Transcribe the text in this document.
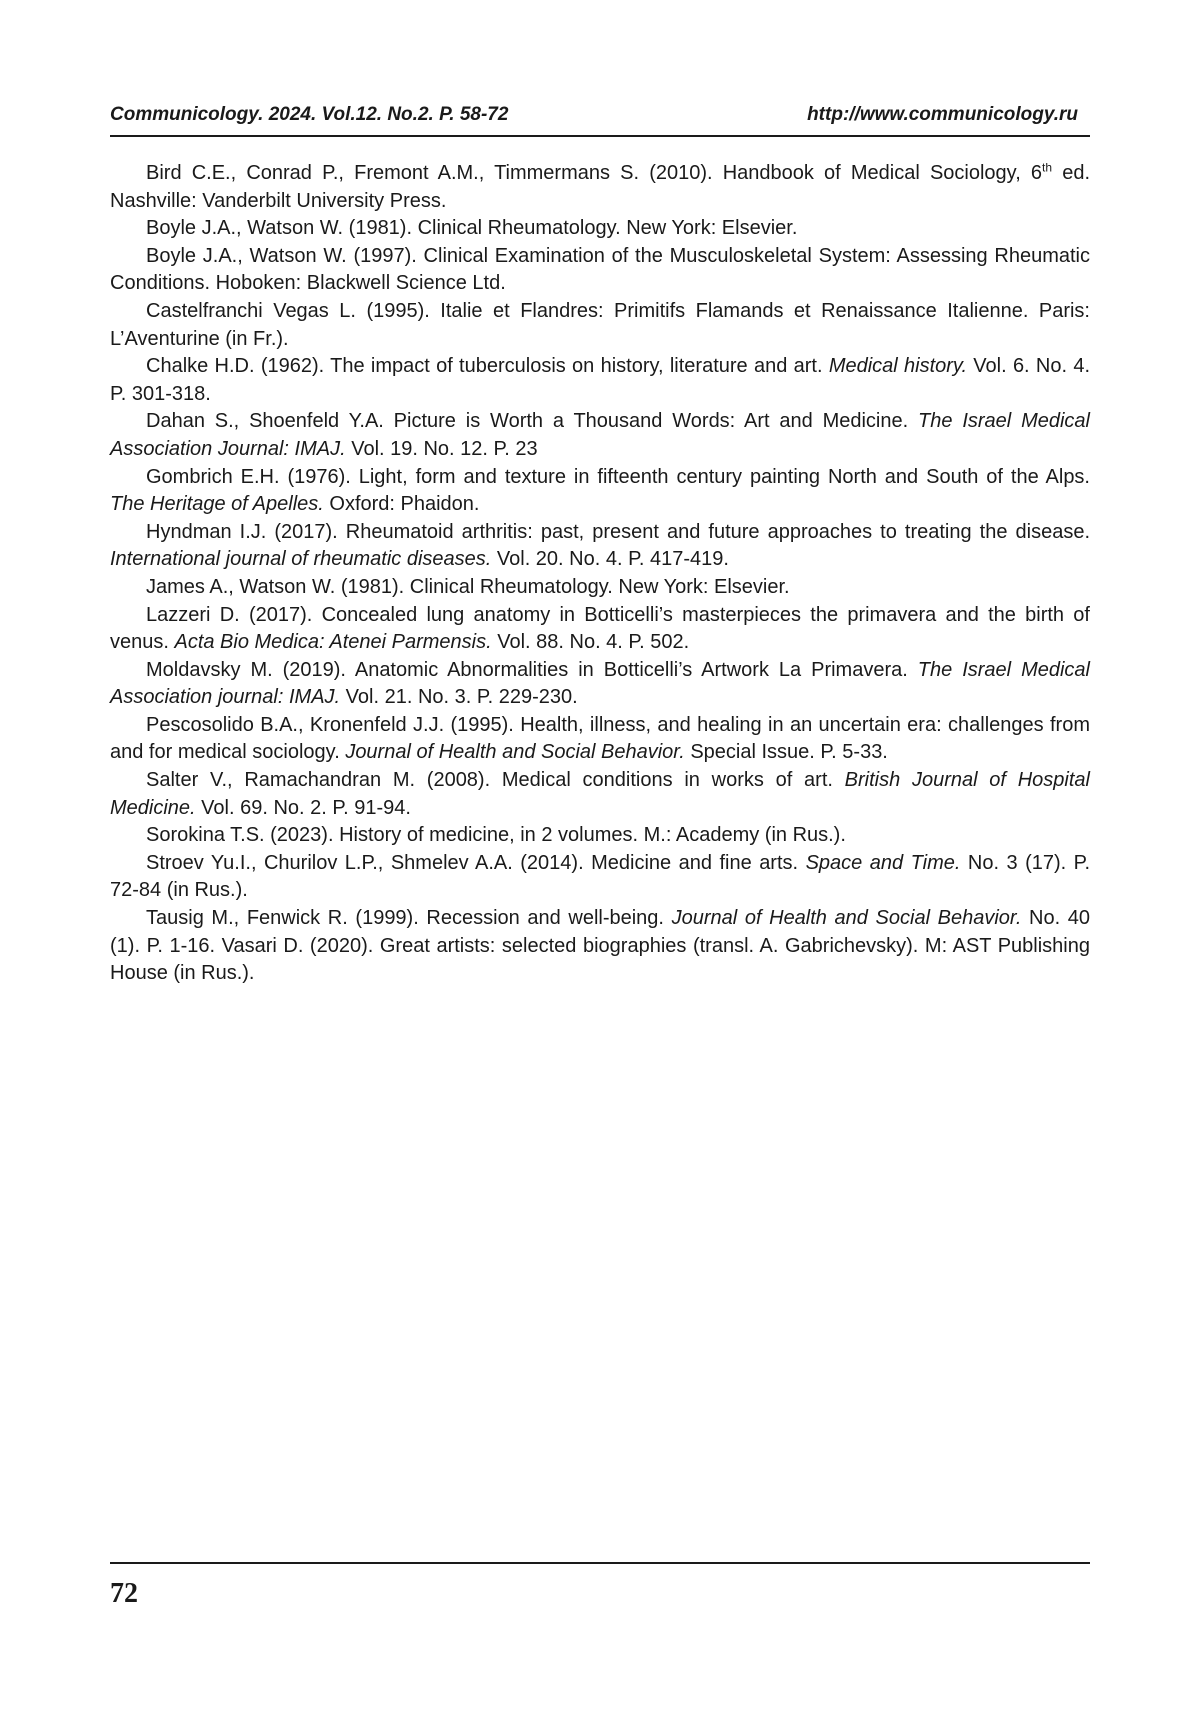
Communicology. 2024. Vol.12. No.2. P. 58-72	http://www.communicology.ru

Bird C.E., Conrad P., Fremont A.M., Timmermans S. (2010). Handbook of Medical Sociology, 6th ed. Nashville: Vanderbilt University Press.

Boyle J.A., Watson W. (1981). Clinical Rheumatology. New York: Elsevier.

Boyle J.A., Watson W. (1997). Clinical Examination of the Musculoskeletal System: Assessing Rheumatic Conditions. Hoboken: Blackwell Science Ltd.

Castelfranchi Vegas L. (1995). Italie et Flandres: Primitifs Flamands et Renaissance Italienne. Paris: L’Aventurine (in Fr.).

Chalke H.D. (1962). The impact of tuberculosis on history, literature and art. Medical history. Vol. 6. No. 4. P. 301-318.

Dahan S., Shoenfeld Y.A. Picture is Worth a Thousand Words: Art and Medicine. The Israel Medical Association Journal: IMAJ. Vol. 19. No. 12. P. 23

Gombrich E.H. (1976). Light, form and texture in fifteenth century painting North and South of the Alps. The Heritage of Apelles. Oxford: Phaidon.

Hyndman I.J. (2017). Rheumatoid arthritis: past, present and future approaches to treating the disease. International journal of rheumatic diseases. Vol. 20. No. 4. P. 417-419.

James A., Watson W. (1981). Clinical Rheumatology. New York: Elsevier.

Lazzeri D. (2017). Concealed lung anatomy in Botticelli’s masterpieces the primavera and the birth of venus. Acta Bio Medica: Atenei Parmensis. Vol. 88. No. 4. P. 502.

Moldavsky M. (2019). Anatomic Abnormalities in Botticelli’s Artwork La Primavera. The Israel Medical Association journal: IMAJ. Vol. 21. No. 3. P. 229-230.

Pescosolido B.A., Kronenfeld J.J. (1995). Health, illness, and healing in an uncertain era: challenges from and for medical sociology. Journal of Health and Social Behavior. Special Issue. P. 5-33.

Salter V., Ramachandran M. (2008). Medical conditions in works of art. British Journal of Hospital Medicine. Vol. 69. No. 2. P. 91-94.

Sorokina T.S. (2023). History of medicine, in 2 volumes. M.: Academy (in Rus.).

Stroev Yu.I., Churilov L.P., Shmelev A.A. (2014). Medicine and fine arts. Space and Time. No. 3 (17). P. 72-84 (in Rus.).

Tausig M., Fenwick R. (1999). Recession and well-being. Journal of Health and Social Behavior. No. 40 (1). P. 1-16. Vasari D. (2020). Great artists: selected biographies (transl. A. Gabrichevsky). M: AST Publishing House (in Rus.).

72
